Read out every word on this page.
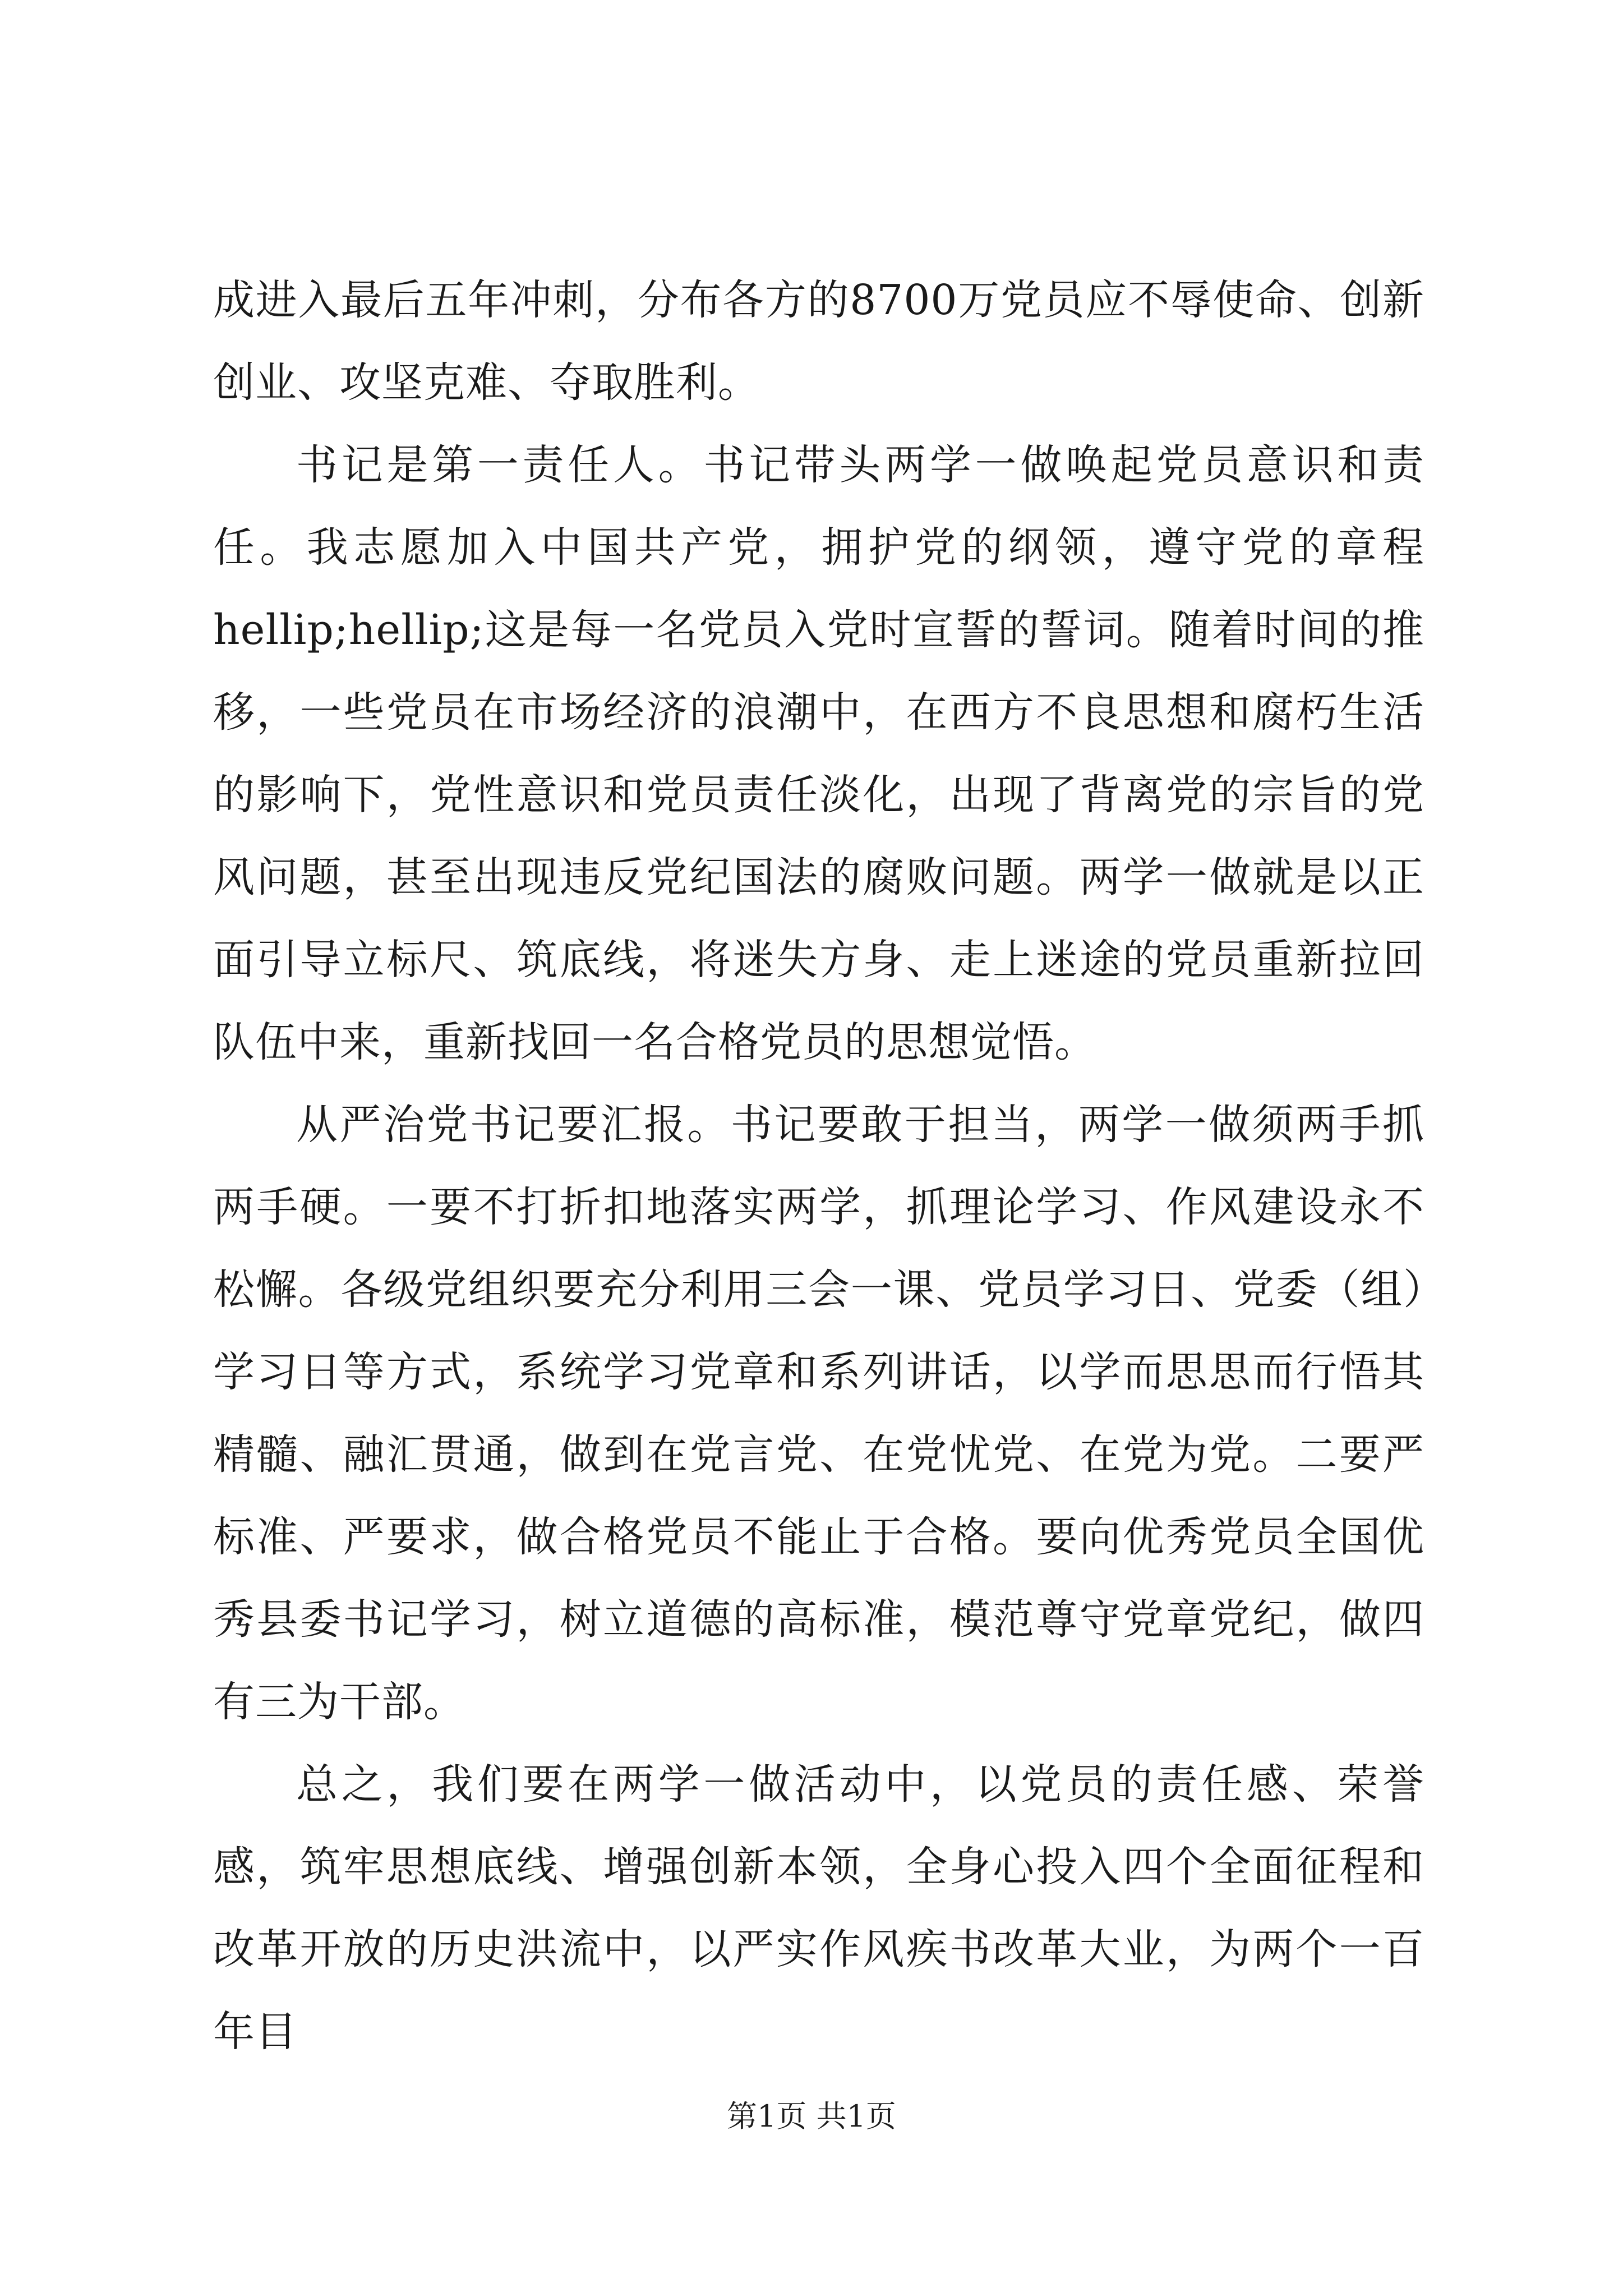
成进入最后五年冲刺，分布各方的8700万党员应不辱使命、创新创业、攻坚克难、夺取胜利。

书记是第一责任人。书记带头两学一做唤起党员意识和责任。我志愿加入中国共产党，拥护党的纲领，遵守党的章程hellip;hellip;这是每一名党员入党时宣誓的誓词。随着时间的推移，一些党员在市场经济的浪潮中，在西方不良思想和腐朽生活的影响下，党性意识和党员责任淡化，出现了背离党的宗旨的党风问题，甚至出现违反党纪国法的腐败问题。两学一做就是以正面引导立标尺、筑底线，将迷失方身、走上迷途的党员重新拉回队伍中来，重新找回一名合格党员的思想觉悟。

从严治党书记要汇报。书记要敢于担当，两学一做须两手抓两手硬。一要不打折扣地落实两学，抓理论学习、作风建设永不松懈。各级党组织要充分利用三会一课、党员学习日、党委（组）学习日等方式，系统学习党章和系列讲话，以学而思思而行悟其精髓、融汇贯通，做到在党言党、在党忧党、在党为党。二要严标准、严要求，做合格党员不能止于合格。要向优秀党员全国优秀县委书记学习，树立道德的高标准，模范尊守党章党纪，做四有三为干部。

总之，我们要在两学一做活动中，以党员的责任感、荣誉感，筑牢思想底线、增强创新本领，全身心投入四个全面征程和改革开放的历史洪流中，以严实作风疾书改革大业，为两个一百年目

第1页 共1页
